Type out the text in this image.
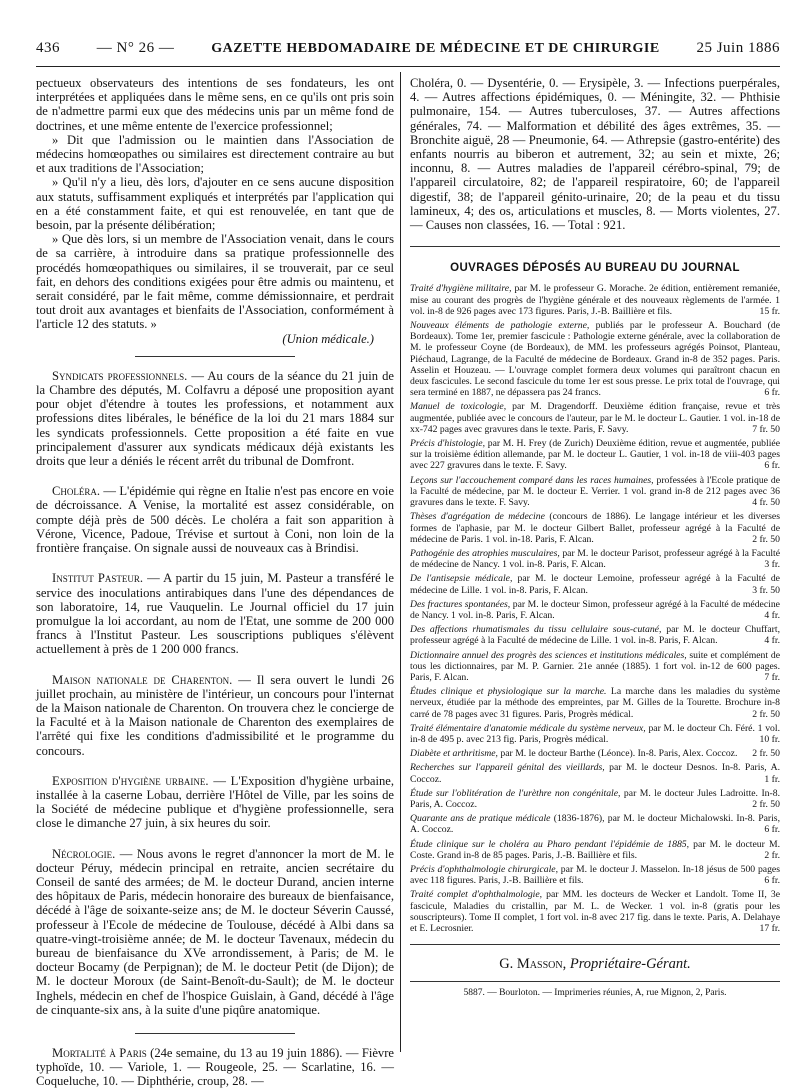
436 — N° 26 —	GAZETTE HEBDOMADAIRE DE MÉDECINE ET DE CHIRURGIE 25 Juin 1886

pectueux observateurs des intentions de ses fondateurs, les ont interprétées et appliquées dans le même sens, en ce qu'ils ont pris soin de n'admettre parmi eux que des médecins unis par un même fond de doctrines, et une même entente de l'exercice professionnel;

» Dit que l'admission ou le maintien dans l'Association de médecins homœopathes ou similaires est directement contraire au but et aux traditions de l'Association;

» Qu'il n'y a lieu, dès lors, d'ajouter en ce sens aucune disposition aux statuts, suffisamment expliqués et interprétés par l'application qui en a été constamment faite, et qui est renouvelée, en tant que de besoin, par la présente délibération;

» Que dès lors, si un membre de l'Association venait, dans le cours de sa carrière, à introduire dans sa pratique professionnelle des procédés homœopathiques ou similaires, il se trouverait, par ce seul fait, en dehors des conditions exigées pour être admis ou maintenu, et serait considéré, par le fait même, comme démissionnaire, et perdrait tout droit aux avantages et bienfaits de l'Association, conformément à l'article 12 des statuts. »

(Union médicale.)

Syndicats professionnels. — Au cours de la séance du 21 juin de la Chambre des députés, M. Colfavru a déposé une proposition ayant pour objet d'étendre à toutes les professions, et notamment aux professions dites libérales, le bénéfice de la loi du 21 mars 1884 sur les syndicats professionnels. Cette proposition a été faite en vue principalement d'assurer aux syndicats médicaux déjà existants les droits que leur a déniés le récent arrêt du tribunal de Domfront.

Choléra. — L'épidémie qui règne en Italie n'est pas encore en voie de décroissance. A Venise, la mortalité est assez considérable, on compte déjà près de 500 décès. Le choléra a fait son apparition à Vérone, Vicence, Padoue, Trévise et surtout à Coni, non loin de la frontière française. On signale aussi de nouveaux cas à Brindisi.

Institut Pasteur. — A partir du 15 juin, M. Pasteur a transféré le service des inoculations antirabiques dans l'une des dépendances de son laboratoire, 14, rue Vauquelin. Le Journal officiel du 17 juin promulgue la loi accordant, au nom de l'Etat, une somme de 200 000 francs à l'Institut Pasteur. Les souscriptions publiques s'élèvent actuellement à près de 1 200 000 francs.

Maison nationale de Charenton. — Il sera ouvert le lundi 26 juillet prochain, au ministère de l'intérieur, un concours pour l'internat de la Maison nationale de Charenton. On trouvera chez le concierge de la Faculté et à la Maison nationale de Charenton des exemplaires de l'arrêté qui fixe les conditions d'admissibilité et le programme du concours.

Exposition d'hygiène urbaine. — L'Exposition d'hygiène urbaine, installée à la caserne Lobau, derrière l'Hôtel de Ville, par les soins de la Société de médecine publique et d'hygiène professionnelle, sera close le dimanche 27 juin, à six heures du soir.

Nécrologie. — Nous avons le regret d'annoncer la mort de M. le docteur Péruy, médecin principal en retraite, ancien secrétaire du Conseil de santé des armées; de M. le docteur Durand, ancien interne des hôpitaux de Paris, médecin honoraire des bureaux de bienfaisance, décédé à l'âge de soixante-seize ans; de M. le docteur Séverin Caussé, professeur à l'Ecole de médecine de Toulouse, décédé à Albi dans sa quatre-vingt-troisième année; de M. le docteur Tavenaux, médecin du bureau de bienfaisance du XVe arrondissement, à Paris; de M. le docteur Bocamy (de Perpignan); de M. le docteur Petit (de Dijon); de M. le docteur Moroux (de Saint-Benoît-du-Sault); de M. le docteur Inghels, médecin en chef de l'hospice Guislain, à Gand, décédé à l'âge de cinquante-six ans, à la suite d'une piqûre anatomique.

Mortalité à Paris (24e semaine, du 13 au 19 juin 1886). — Fièvre typhoïde, 10. — Variole, 1. — Rougeole, 25. — Scarlatine, 16. — Coqueluche, 10. — Diphthérie, croup, 28. —

Choléra, 0. — Dysentérie, 0. — Erysipèle, 3. — Infections puerpérales, 4. — Autres affections épidémiques, 0. — Méningite, 32. — Phthisie pulmonaire, 154. — Autres tuberculoses, 37. — Autres affections générales, 74. — Malformation et débilité des âges extrêmes, 35. — Bronchite aiguë, 28 — Pneumonie, 64. — Athrepsie (gastro-entérite) des enfants nourris au biberon et autrement, 32; au sein et mixte, 26; inconnu, 8. — Autres maladies de l'appareil cérébro-spinal, 79; de l'appareil circulatoire, 82; de l'appareil respiratoire, 60; de l'appareil digestif, 38; de l'appareil génito-urinaire, 20; de la peau et du tissu lamineux, 4; des os, articulations et muscles, 8. — Morts violentes, 27. — Causes non classées, 16. — Total : 921.

OUVRAGES DÉPOSÉS AU BUREAU DU JOURNAL

Traité d'hygiène militaire, par M. le professeur G. Morache. 2e édition, entièrement remaniée, mise au courant des progrès de l'hygiène générale et des nouveaux règlements de l'armée. 1 vol. in-8 de 926 pages avec 173 figures. Paris, J.-B. Baillière et fils.	15 fr.

Nouveaux éléments de pathologie externe, publiés par le professeur A. Bouchard (de Bordeaux). Tome 1er, premier fascicule : Pathologie externe générale, avec la collaboration de M. le professeur Coyne (de Bordeaux), de MM. les professeurs agrégés Poinsot, Planteau, Piéchaud, Lagrange, de la Faculté de médecine de Bordeaux. Grand in-8 de 352 pages. Paris. Asselin et Houzeau. — L'ouvrage complet formera deux volumes qui paraîtront chacun en deux fascicules. Le second fascicule du tome 1er est sous presse. Le prix total de l'ouvrage, qui sera terminé en 1887, ne dépassera pas 24 francs.	6 fr.

Manuel de toxicologie, par M. Dragendorff. Deuxième édition française, revue et très augmentée, publiée avec le concours de l'auteur, par le M. le docteur L. Gautier. 1 vol. in-18 de xx-742 pages avec gravures dans le texte. Paris, F. Savy.	7 fr. 50

Précis d'histologie, par M. H. Frey (de Zurich) Deuxième édition, revue et augmentée, publiée sur la troisième édition allemande, par M. le docteur L. Gautier, 1 vol. in-18 de viii-403 pages avec 227 gravures dans le texte. F. Savy.	6 fr.

Leçons sur l'accouchement comparé dans les races humaines, professées à l'Ecole pratique de la Faculté de médecine, par M. le docteur E. Verrier. 1 vol. grand in-8 de 212 pages avec 36 gravures dans le texte. F. Savy.	4 fr. 50

Thèses d'agrégation de médecine (concours de 1886). Le langage intérieur et les diverses formes de l'aphasie, par M. le docteur Gilbert Ballet, professeur agrégé à la Faculté de médecine de Paris. 1 vol. in-18. Paris, F. Alcan.	2 fr. 50

Pathogénie des atrophies musculaires, par M. le docteur Parisot, professeur agrégé à la Faculté de médecine de Nancy. 1 vol. in-8. Paris, F. Alcan.	3 fr.

De l'antisepsie médicale, par M. le docteur Lemoine, professeur agrégé à la Faculté de médecine de Lille. 1 vol. in-8. Paris, F. Alcan.	3 fr. 50

Des fractures spontanées, par M. le docteur Simon, professeur agrégé à la Faculté de médecine de Nancy. 1 vol. in-8. Paris, F. Alcan.	4 fr.

Des affections rhumatismales du tissu cellulaire sous-cutané, par M. le docteur Chuffart, professeur agrégé à la Faculté de médecine de Lille. 1 vol. in-8. Paris, F. Alcan.	4 fr.

Dictionnaire annuel des progrès des sciences et institutions médicales, suite et complément de tous les dictionnaires, par M. P. Garnier. 21e année (1885). 1 fort vol. in-12 de 600 pages. Paris, F. Alcan.	7 fr.

Études clinique et physiologique sur la marche. La marche dans les maladies du système nerveux, étudiée par la méthode des empreintes, par M. Gilles de la Tourette. Brochure in-8 carré de 78 pages avec 31 figures. Paris, Progrès médical.	2 fr. 50

Traité élémentaire d'anatomie médicale du système nerveux, par M. le docteur Ch. Féré. 1 vol. in-8 de 495 p. avec 213 fig. Paris, Progrès médical.	10 fr.

Diabète et arthritisme, par M. le docteur Barthe (Léonce). In-8. Paris, Alex. Coccoz. 2 fr. 50

Recherches sur l'appareil génital des vieillards, par M. le docteur Desnos. In-8. Paris, A. Coccoz.	1 fr.

Étude sur l'oblitération de l'urèthre non congénitale, par M. le docteur Jules Ladroitte. In-8. Paris, A. Coccoz.	2 fr. 50

Quarante ans de pratique médicale (1836-1876), par M. le docteur Michalowski. In-8. Paris, A. Coccoz.	6 fr.

Étude clinique sur le choléra au Pharo pendant l'épidémie de 1885, par M. le docteur M. Coste. Grand in-8 de 85 pages. Paris, J.-B. Baillière et fils.	2 fr.

Précis d'ophthalmologie chirurgicale, par M. le docteur J. Masselon. In-18 jésus de 500 pages avec 118 figures. Paris, J.-B. Baillière et fils.	6 fr.

Traité complet d'ophthalmologie, par MM. les docteurs de Wecker et Landolt. Tome II, 3e fascicule, Maladies du cristallin, par M. L. de Wecker. 1 vol. in-8 (gratis pour les souscripteurs). Tome II complet, 1 fort vol. in-8 avec 217 fig. dans le texte. Paris, A. Delahaye et E. Lecrosnier.	17 fr.

G. Masson, Propriétaire-Gérant.
5887. — Bourloton. — Imprimeries réunies, A, rue Mignon, 2, Paris.
